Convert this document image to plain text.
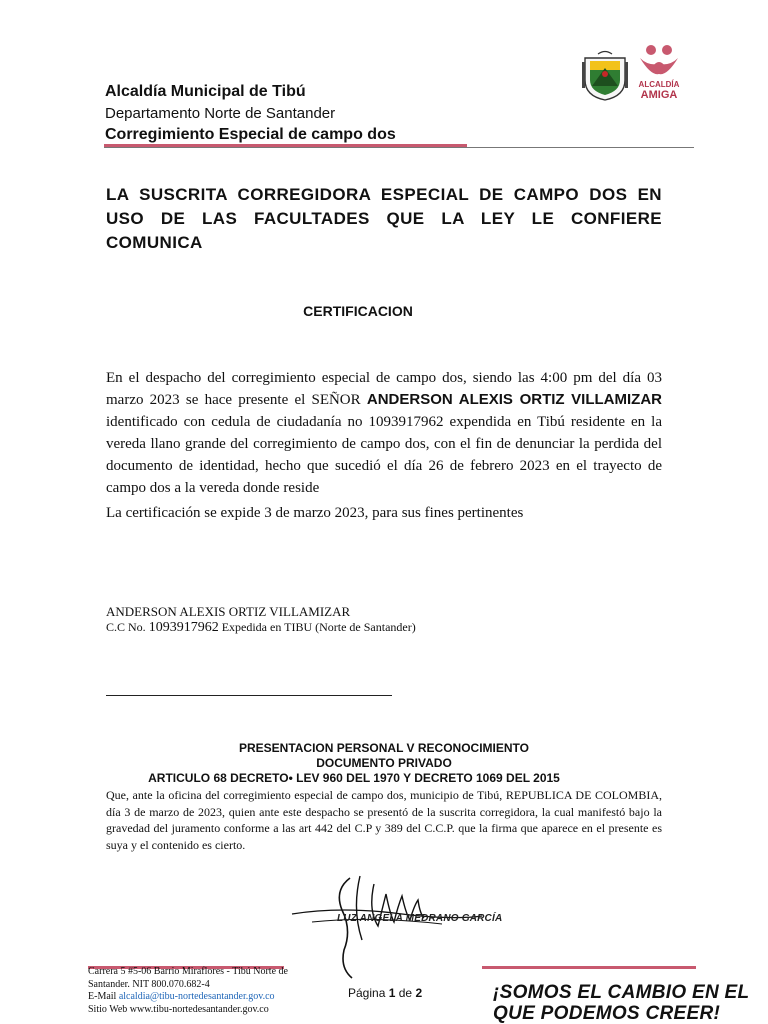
Alcaldía Municipal de Tibú
Departamento Norte de Santander
Corregimiento Especial de campo dos
ALCALDÍA
AMIGA
LA SUSCRITA CORREGIDORA ESPECIAL DE CAMPO DOS EN USO DE LAS FACULTADES QUE LA LEY LE CONFIERE COMUNICA
CERTIFICACION
En el despacho del corregimiento especial de campo dos, siendo las 4:00 pm del día 03 marzo 2023 se hace presente el SEÑOR ANDERSON ALEXIS ORTIZ VILLAMIZAR identificado con cedula de ciudadanía no 1093917962 expendida en Tibú residente en la vereda llano grande del corregimiento de campo dos, con el fin de denunciar la perdida del documento de identidad, hecho que sucedió el día 26 de febrero 2023 en el trayecto de campo dos a la vereda donde reside
La certificación se expide 3 de marzo 2023, para sus fines pertinentes
ANDERSON ALEXIS ORTIZ VILLAMIZAR
C.C No. 1093917962 Expedida en TIBU (Norte de Santander)
PRESENTACION PERSONAL V RECONOCIMIENTO
DOCUMENTO PRIVADO
ARTICULO 68 DECRETO• LEV 960 DEL 1970 Y DECRETO 1069 DEL 2015
Que, ante la oficina del corregimiento especial de campo dos, municipio de Tibú, REPUBLICA DE COLOMBIA, día 3 de marzo de 2023, quien ante este despacho se presentó de la suscrita corregidora, la cual manifestó bajo la gravedad del juramento conforme a las art 442 del C.P y 389 del C.C.P. que la firma que aparece en el presente es suya y el contenido es cierto.
LUZ ANGELA MEDRANO GARCÍA
Carrera 5 #5-06 Barrio Miraflores - Tibú Norte de Santander. NIT 800.070.682-4
E-Mail alcaldia@tibu-nortedesantander.gov.co
Sitio Web www.tibu-nortedesantander.gov.co
Página 1 de 2	¡SOMOS EL CAMBIO EN EL
QUE PODEMOS CREER!
